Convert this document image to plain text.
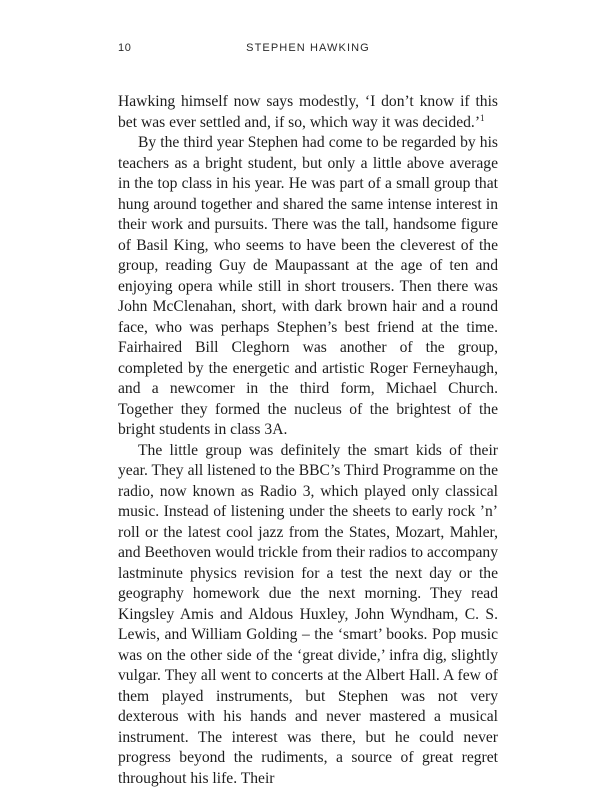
10	STEPHEN HAWKING

Hawking himself now says modestly, ‘I don’t know if this bet was ever settled and, if so, which way it was decided.’$^1$

By the third year Stephen had come to be regarded by his teachers as a bright student, but only a little above average in the top class in his year. He was part of a small group that hung around together and shared the same intense interest in their work and pursuits. There was the tall, handsome figure of Basil King, who seems to have been the cleverest of the group, reading Guy de Maupassant at the age of ten and enjoying opera while still in short trousers. Then there was John McClenahan, short, with dark brown hair and a round face, who was perhaps Stephen’s best friend at the time. Fairhaired Bill Cleghorn was another of the group, completed by the energetic and artistic Roger Ferneyhaugh, and a newcomer in the third form, Michael Church. Together they formed the nucleus of the brightest of the bright students in class 3A.

The little group was definitely the smart kids of their year. They all listened to the BBC’s Third Programme on the radio, now known as Radio 3, which played only classical music. Instead of listening under the sheets to early rock ’n’ roll or the latest cool jazz from the States, Mozart, Mahler, and Beethoven would trickle from their radios to accompany lastminute physics revision for a test the next day or the geography homework due the next morning. They read Kingsley Amis and Aldous Huxley, John Wyndham, C. S. Lewis, and William Golding – the ‘smart’ books. Pop music was on the other side of the ‘great divide,’ infra dig, slightly vulgar. They all went to concerts at the Albert Hall. A few of them played instruments, but Stephen was not very dexterous with his hands and never mastered a musical instrument. The interest was there, but he could never progress beyond the rudiments, a source of great regret throughout his life. Their
